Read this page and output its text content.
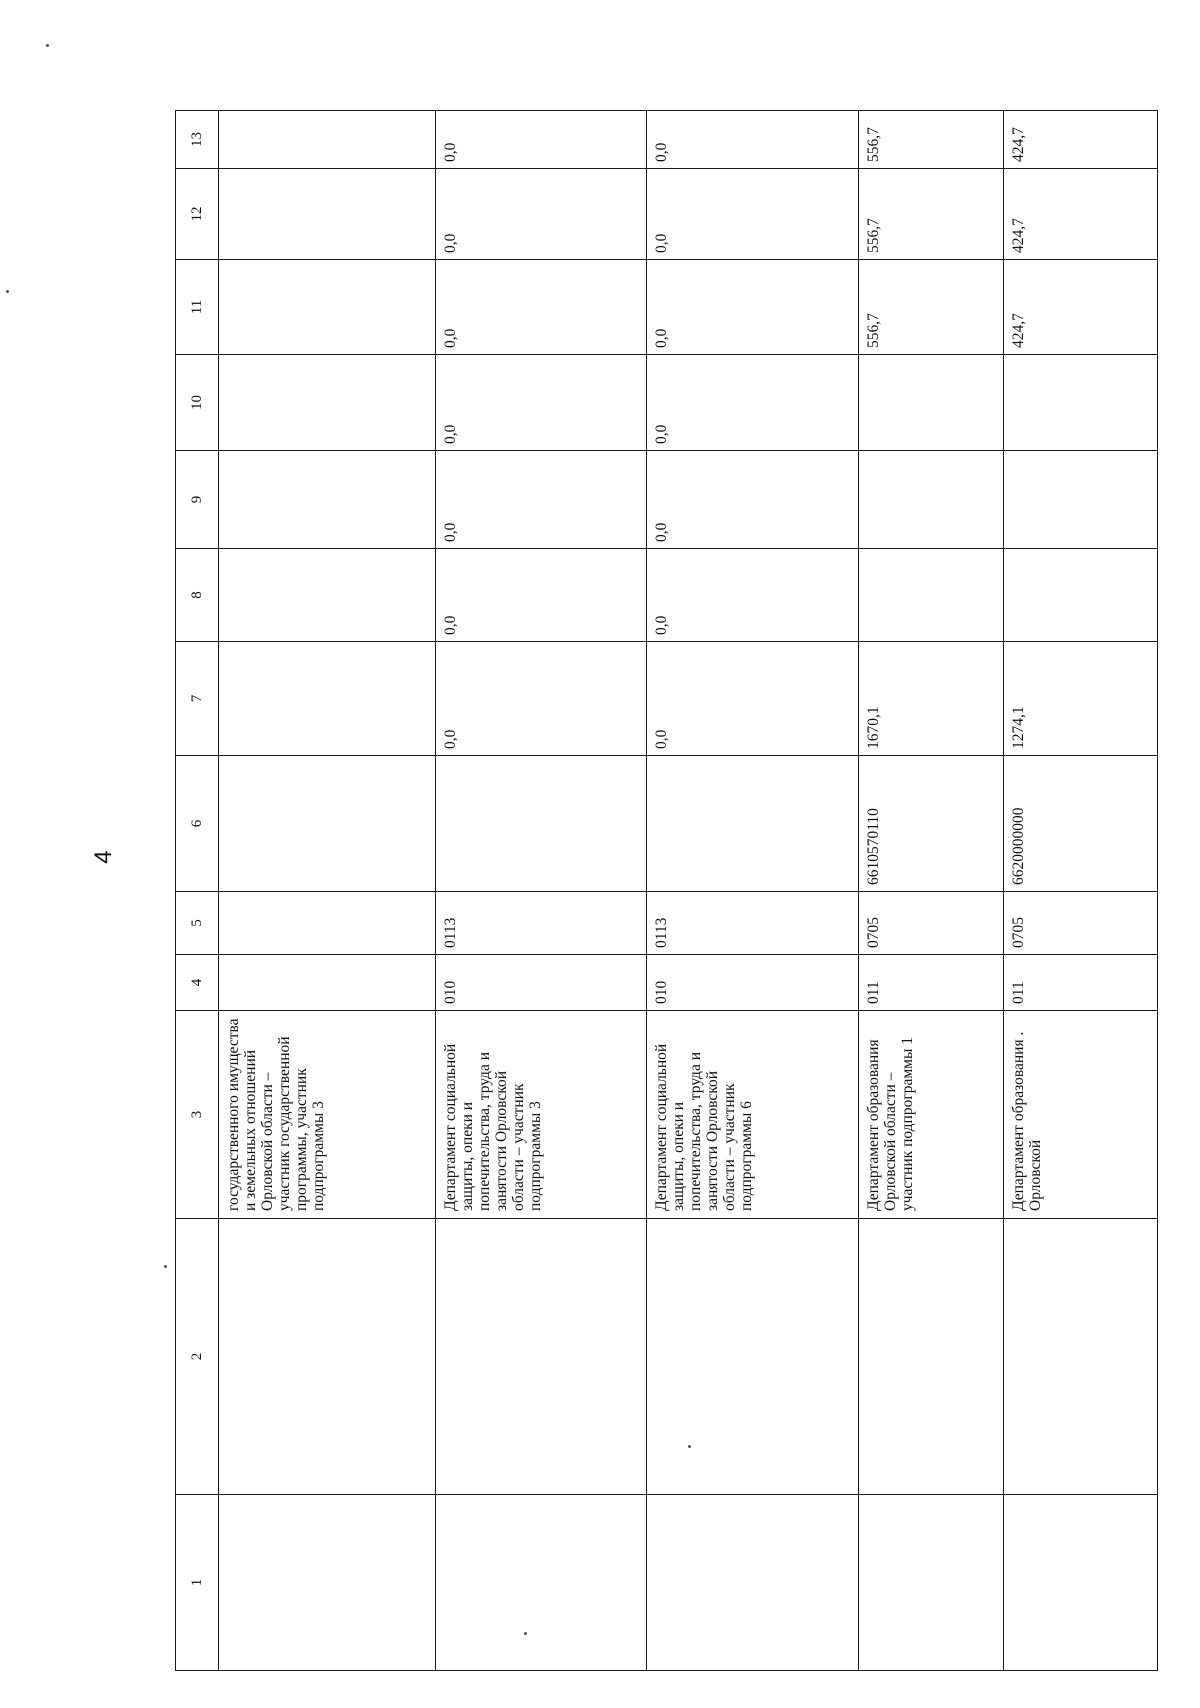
4
1	2	3	4	5	6	7	8	9	10	11	12	13
		государственного имущества и земельных отношений Орловской области – участник государственной программы, участник подпрограммы 3										
		Департамент социальной защиты, опеки и попечительства, труда и занятости Орловской области – участник подпрограммы 3	010	0113		0,0	0,0	0,0	0,0	0,0	0,0	0,0
		Департамент социальной защиты, опеки и попечительства, труда и занятости Орловской области – участник подпрограммы 6	010	0113		0,0	0,0	0,0	0,0	0,0	0,0	0,0
		Департамент образования Орловской области – участник подпрограммы 1	011	0705	6610570110	1670,1				556,7	556,7	556,7
		Департамент образования . Орловской	011	0705	6620000000	1274,1				424,7	424,7	424,7
